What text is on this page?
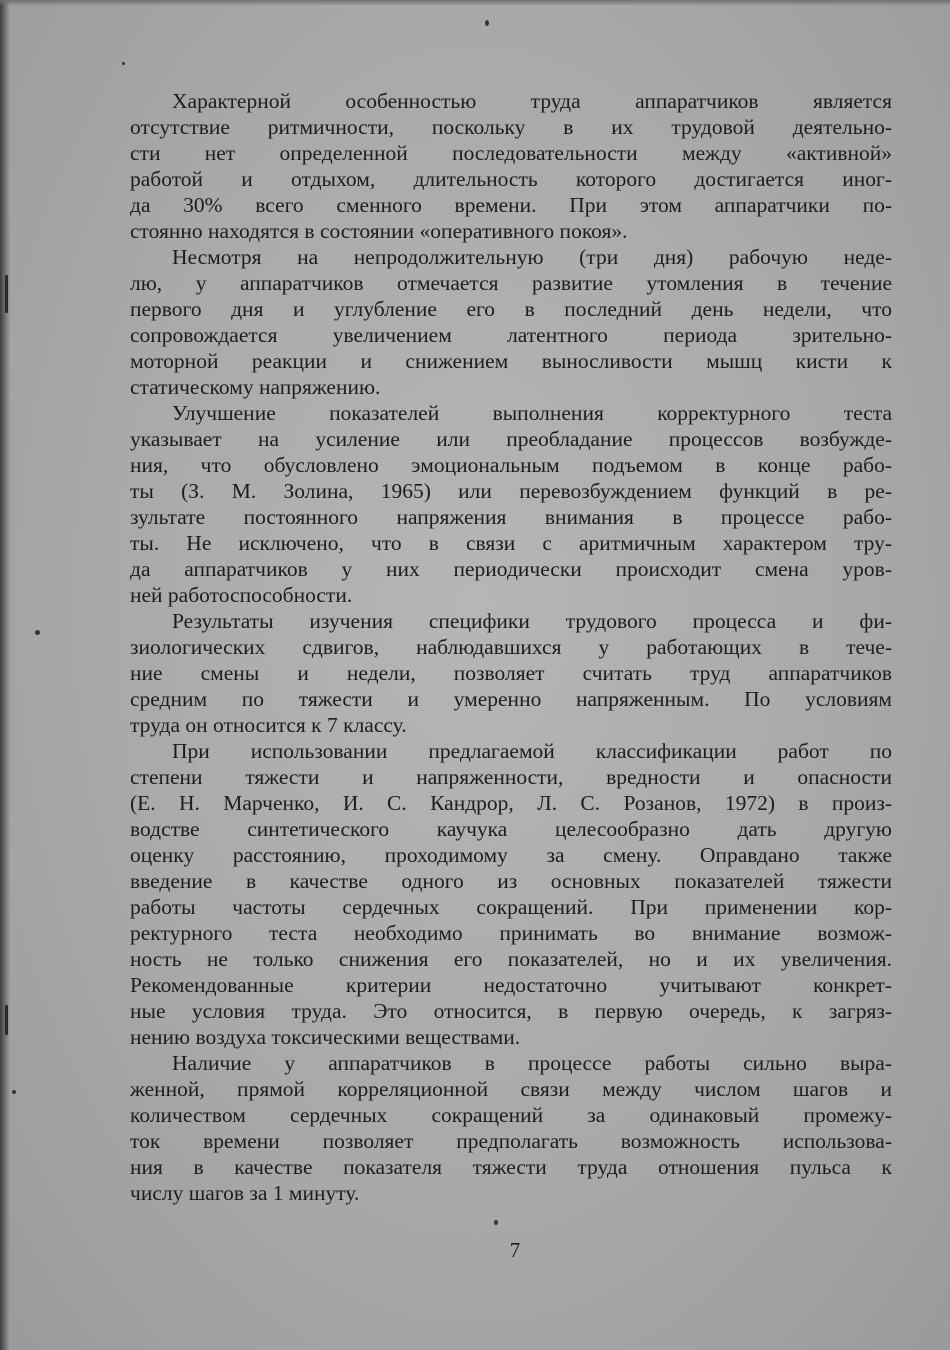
Характерной особенностью труда аппаратчиков является
отсутствие ритмичности, поскольку в их трудовой деятельно-
сти нет определенной последовательности между «активной»
работой и отдыхом, длительность которого достигается иног-
да 30% всего сменного времени. При этом аппаратчики по-
стоянно находятся в состоянии «оперативного покоя».
Несмотря на непродолжительную (три дня) рабочую неде-
лю, у аппаратчиков отмечается развитие утомления в течение
первого дня и углубление его в последний день недели, что
сопровождается увеличением латентного периода зрительно-
моторной реакции и снижением выносливости мышц кисти к
статическому напряжению.
Улучшение показателей выполнения корректурного теста
указывает на усиление или преобладание процессов возбужде-
ния, что обусловлено эмоциональным подъемом в конце рабо-
ты (З. М. Золина, 1965) или перевозбуждением функций в ре-
зультате постоянного напряжения внимания в процессе рабо-
ты. Не исключено, что в связи с аритмичным характером тру-
да аппаратчиков у них периодически происходит смена уров-
ней работоспособности.
Результаты изучения специфики трудового процесса и фи-
зиологических сдвигов, наблюдавшихся у работающих в тече-
ние смены и недели, позволяет считать труд аппаратчиков
средним по тяжести и умеренно напряженным. По условиям
труда он относится к 7 классу.
При использовании предлагаемой классификации работ по
степени тяжести и напряженности, вредности и опасности
(Е. Н. Марченко, И. С. Кандрор, Л. С. Розанов, 1972) в произ-
водстве синтетического каучука целесообразно дать другую
оценку расстоянию, проходимому за смену. Оправдано также
введение в качестве одного из основных показателей тяжести
работы частоты сердечных сокращений. При применении кор-
ректурного теста необходимо принимать во внимание возмож-
ность не только снижения его показателей, но и их увеличения.
Рекомендованные критерии недостаточно учитывают конкрет-
ные условия труда. Это относится, в первую очередь, к загряз-
нению воздуха токсическими веществами.
Наличие у аппаратчиков в процессе работы сильно выра-
женной, прямой корреляционной связи между числом шагов и
количеством сердечных сокращений за одинаковый промежу-
ток времени позволяет предполагать возможность использова-
ния в качестве показателя тяжести труда отношения пульса к
числу шагов за 1 минуту.
7
